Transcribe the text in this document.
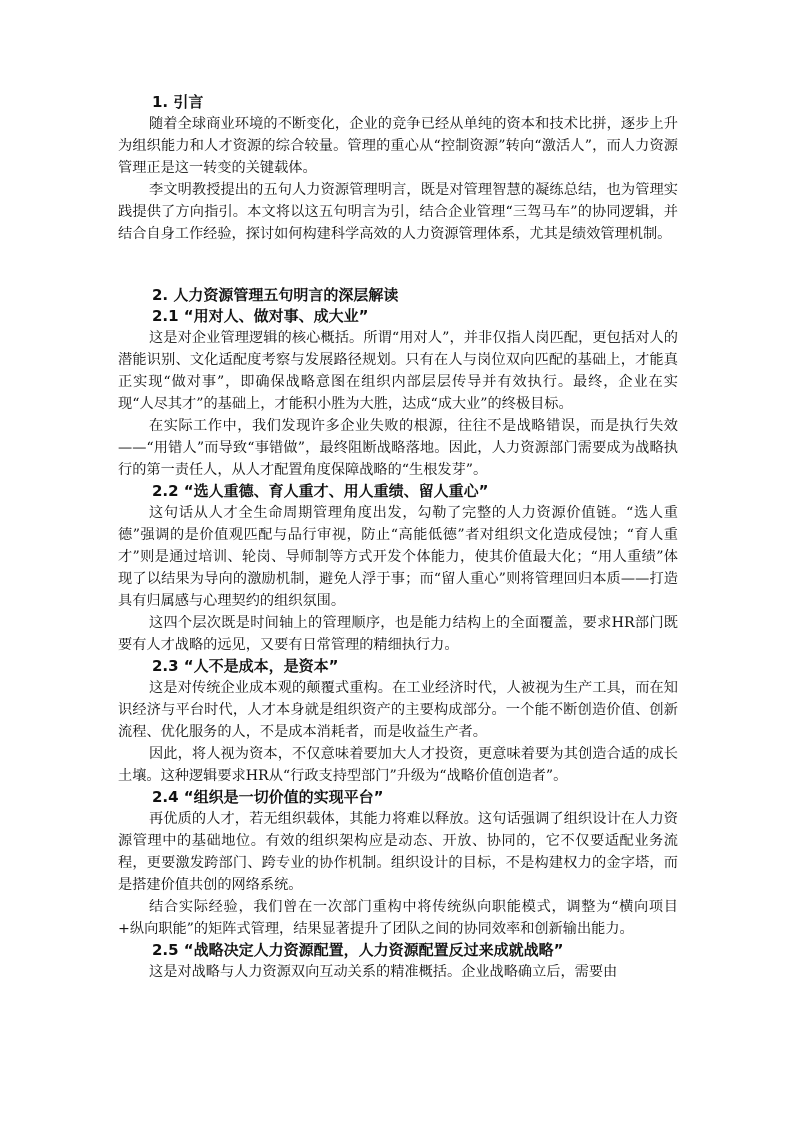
1. 引言

随着全球商业环境的不断变化，企业的竞争已经从单纯的资本和技术比拼，逐步上升为组织能力和人才资源的综合较量。管理的重心从“控制资源”转向“激活人”，而人力资源管理正是这一转变的关键载体。

李文明教授提出的五句人力资源管理明言，既是对管理智慧的凝练总结，也为管理实践提供了方向指引。本文将以这五句明言为引，结合企业管理“三驾马车”的协同逻辑，并结合自身工作经验，探讨如何构建科学高效的人力资源管理体系，尤其是绩效管理机制。

2. 人力资源管理五句明言的深层解读
2.1 “用对人、做对事、成大业”

这是对企业管理逻辑的核心概括。所谓“用对人”，并非仅指人岗匹配，更包括对人的潜能识别、文化适配度考察与发展路径规划。只有在人与岗位双向匹配的基础上，才能真正实现“做对事”，即确保战略意图在组织内部层层传导并有效执行。最终，企业在实现“人尽其才”的基础上，才能积小胜为大胜，达成“成大业”的终极目标。

在实际工作中，我们发现许多企业失败的根源，往往不是战略错误，而是执行失效——“用错人”而导致“事错做”，最终阻断战略落地。因此，人力资源部门需要成为战略执行的第一责任人，从人才配置角度保障战略的“生根发芽”。

2.2 “选人重德、育人重才、用人重绩、留人重心”

这句话从人才全生命周期管理角度出发，勾勒了完整的人力资源价值链。“选人重德”强调的是价值观匹配与品行审视，防止“高能低德”者对组织文化造成侵蚀；“育人重才”则是通过培训、轮岗、导师制等方式开发个体能力，使其价值最大化；“用人重绩”体现了以结果为导向的激励机制，避免人浮于事；而“留人重心”则将管理回归本质——打造具有归属感与心理契约的组织氛围。

这四个层次既是时间轴上的管理顺序，也是能力结构上的全面覆盖，要求HR部门既要有人才战略的远见，又要有日常管理的精细执行力。

2.3 “人不是成本，是资本”

这是对传统企业成本观的颠覆式重构。在工业经济时代，人被视为生产工具，而在知识经济与平台时代，人才本身就是组织资产的主要构成部分。一个能不断创造价值、创新流程、优化服务的人，不是成本消耗者，而是收益生产者。

因此，将人视为资本，不仅意味着要加大人才投资，更意味着要为其创造合适的成长土壤。这种逻辑要求HR从“行政支持型部门”升级为“战略价值创造者”。

2.4 “组织是一切价值的实现平台”

再优质的人才，若无组织载体，其能力将难以释放。这句话强调了组织设计在人力资源管理中的基础地位。有效的组织架构应是动态、开放、协同的，它不仅要适配业务流程，更要激发跨部门、跨专业的协作机制。组织设计的目标，不是构建权力的金字塔，而是搭建价值共创的网络系统。

结合实际经验，我们曾在一次部门重构中将传统纵向职能模式，调整为“横向项目+纵向职能”的矩阵式管理，结果显著提升了团队之间的协同效率和创新输出能力。

2.5 “战略决定人力资源配置，人力资源配置反过来成就战略”

这是对战略与人力资源双向互动关系的精准概括。企业战略确立后，需要由
